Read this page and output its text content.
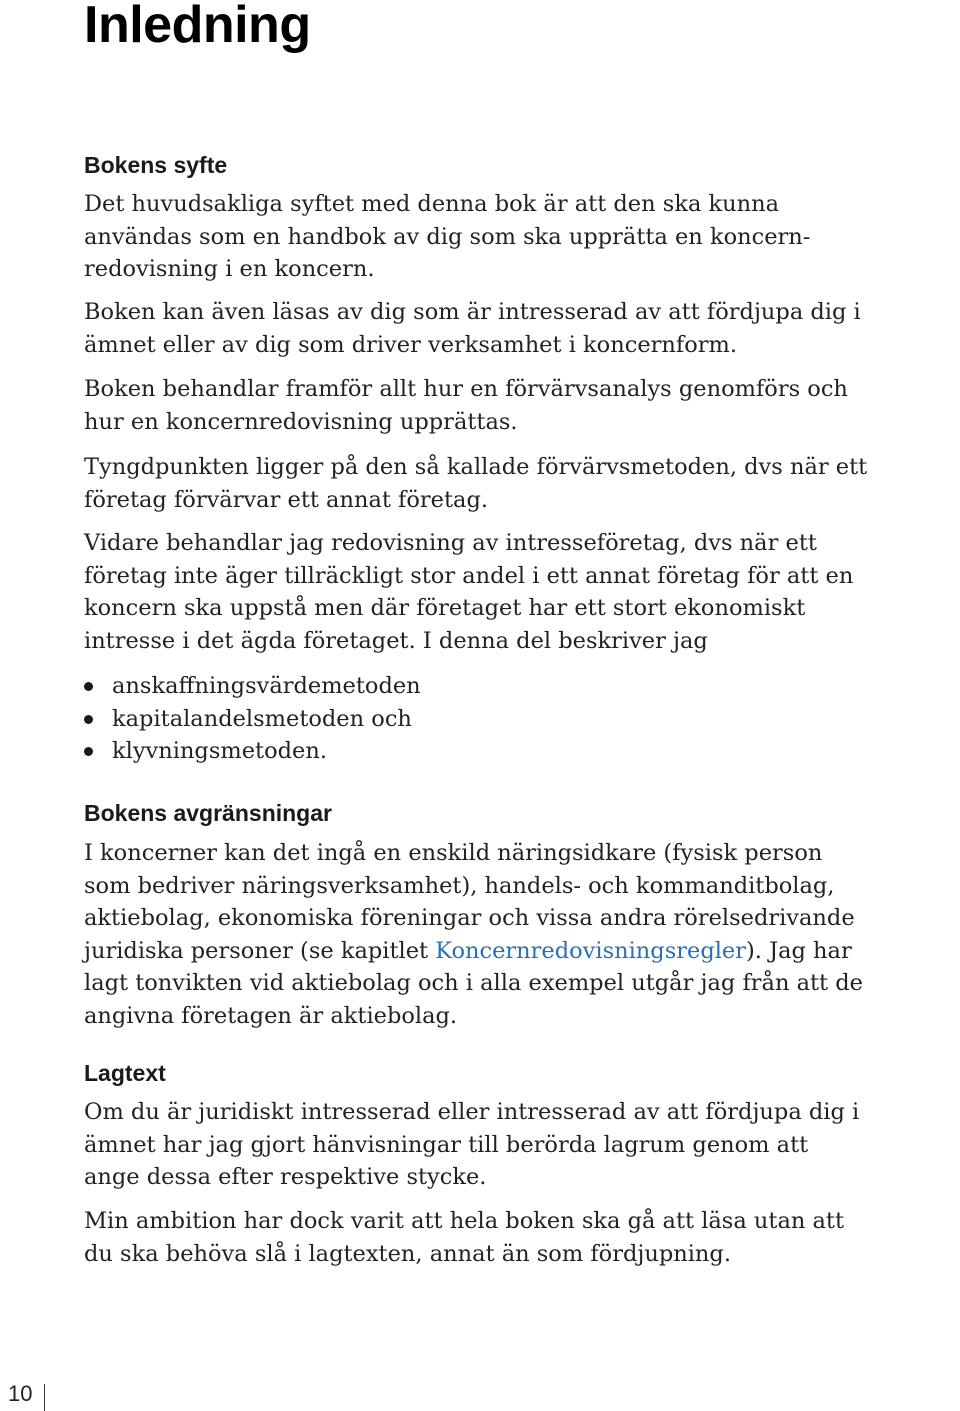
Inledning
Bokens syfte

Det huvudsakliga syftet med denna bok är att den ska kunna
användas som en handbok av dig som ska upprätta en koncern-
redovisning i en koncern.

Boken kan även läsas av dig som är intresserad av att fördjupa dig i
ämnet eller av dig som driver verksamhet i koncernform.

Boken behandlar framför allt hur en förvärvsanalys genomförs och
hur en koncernredovisning upprättas.

Tyngdpunkten ligger på den så kallade förvärvsmetoden, dvs när ett
företag förvärvar ett annat företag.

Vidare behandlar jag redovisning av intresseföretag, dvs när ett
företag inte äger tillräckligt stor andel i ett annat företag för att en
koncern ska uppstå men där företaget har ett stort ekonomiskt
intresse i det ägda företaget. I denna del beskriver jag

anskaffningsvärdemetoden
kapitalandelsmetoden och
klyvningsmetoden.
Bokens avgränsningar

I koncerner kan det ingå en enskild näringsidkare (fysisk person
som bedriver näringsverksamhet), handels- och kommanditbolag,
aktiebolag, ekonomiska föreningar och vissa andra rörelsedrivande
juridiska personer (se kapitlet Koncernredovisningsregler). Jag har
lagt tonvikten vid aktiebolag och i alla exempel utgår jag från att de
angivna företagen är aktiebolag.

Lagtext

Om du är juridiskt intresserad eller intresserad av att fördjupa dig i
ämnet har jag gjort hänvisningar till berörda lagrum genom att
ange dessa efter respektive stycke.

Min ambition har dock varit att hela boken ska gå att läsa utan att
du ska behöva slå i lagtexten, annat än som fördjupning.

10
